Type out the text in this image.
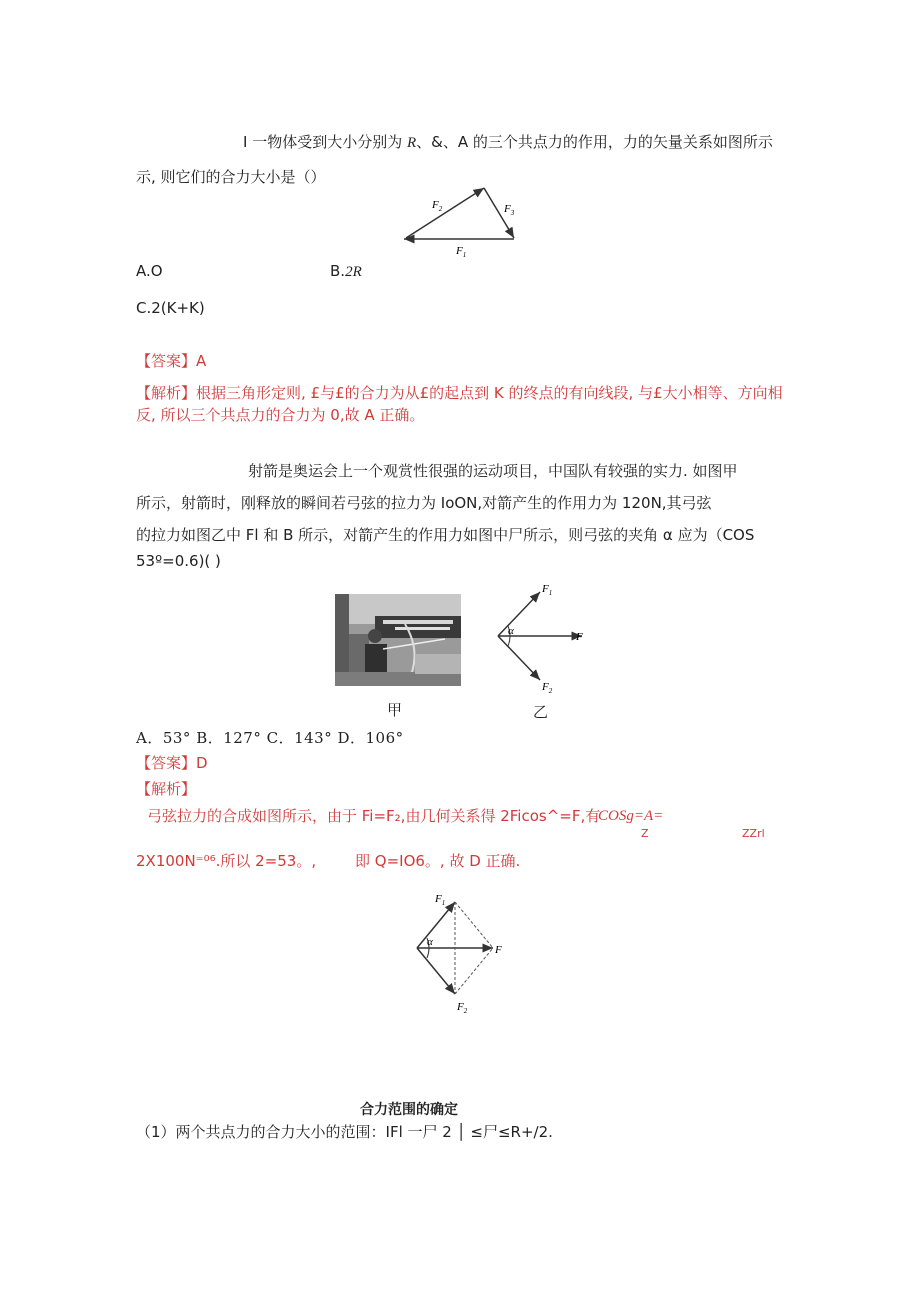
I 一物体受到大小分别为 R、&、A 的三个共点力的作用，力的矢量关系如图所示
示, 则它们的合力大小是（）
$F_2$	$F_3$
$F_1$
A.O	B.2R
C.2(K+K)
【答案】A
【解析】根据三角形定则, £与£的合力为从£的起点到 K 的终点的有向线段, 与£大小相等、方向相
反, 所以三个共点力的合力为 0,故 A 正确。
射箭是奥运会上一个观赏性很强的运动项目，中国队有较强的实力. 如图甲
所示，射箭时，刚释放的瞬间若弓弦的拉力为 IoON,对箭产生的作用力为 120N,其弓弦
的拉力如图乙中 Fl 和 B 所示，对箭产生的作用力如图中尸所示，则弓弦的夹角 α 应为（COS
53º=0.6)( )
甲	乙
α
$F_1$
$F_2$
F
A．53° B．127° C．143° D．106°
【答案】D
【解析】
弓弦拉力的合成如图所示，由于 Fi=F₂,由几何关系得 2Ficos^=F,有
COSg=A=
Z	ZZrl
2X100N⁼⁰⁶.所以 2=53。,	即 Q=IO6。, 故 D 正确.
α
$F_1$
$F_2$
F
合力范围的确定
（1）两个共点力的合力大小的范围：IFl 一尸 2 │ ≤尸≤R+∕2.
